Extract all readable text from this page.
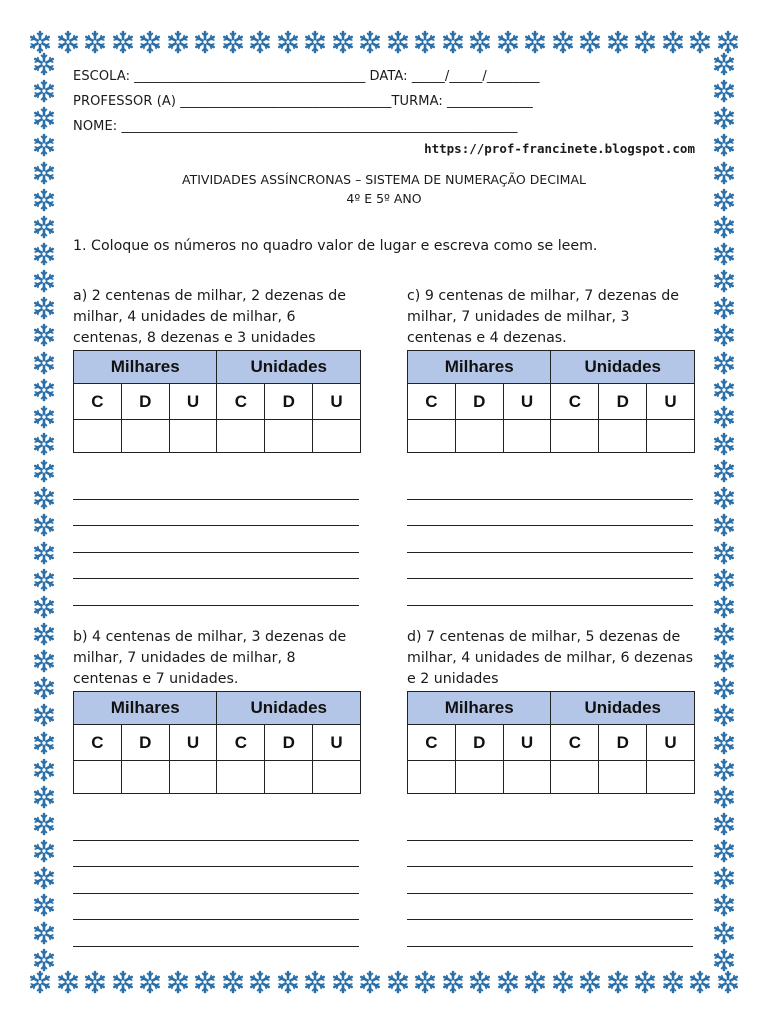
ESCOLA: ___________________________________ DATA: _____/_____/________
PROFESSOR (A) ________________________________TURMA: _____________
NOME: ____________________________________________________________
https://prof-francinete.blogspot.com
ATIVIDADES ASSÍNCRONAS – SISTEMA DE NUMERAÇÃO DECIMAL
4º E 5º ANO
1. Coloque os números no quadro valor de lugar e escreva como se leem.
a) 2 centenas de milhar, 2 dezenas de milhar, 4 unidades de milhar, 6 centenas, 8 dezenas e 3 unidades
Milhares			Unidades		
C	D	U	C	D	U

c) 9 centenas de milhar, 7 dezenas de milhar, 7 unidades de milhar, 3 centenas e 4 dezenas.
Milhares			Unidades		
C	D	U	C	D	U

b) 4 centenas de milhar, 3 dezenas de milhar, 7 unidades de milhar, 8 centenas e 7 unidades.
Milhares			Unidades		
C	D	U	C	D	U

d) 7 centenas de milhar, 5 dezenas de milhar, 4 unidades de milhar, 6 dezenas e 2 unidades
Milhares			Unidades		
C	D	U	C	D	U
